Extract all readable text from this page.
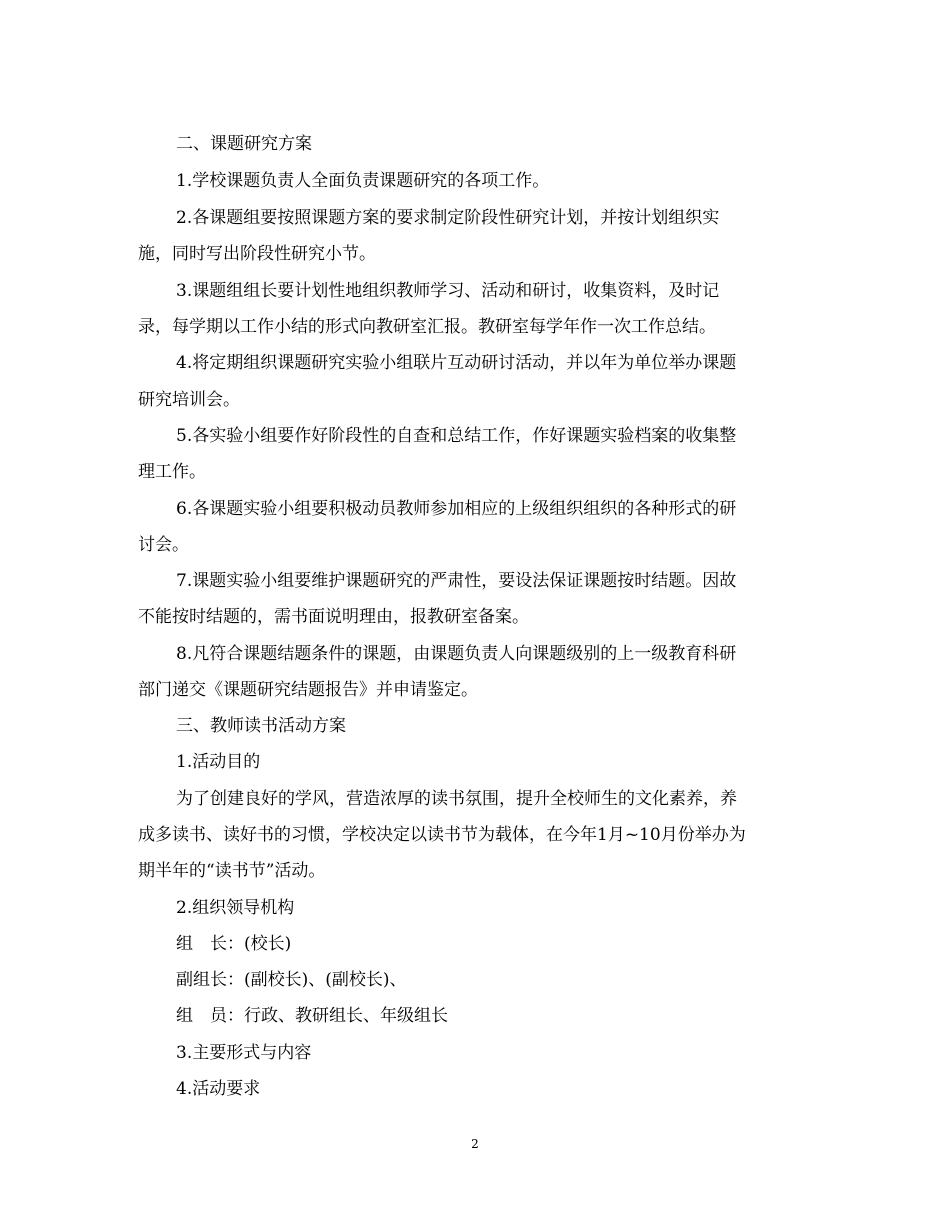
二、课题研究方案
1.学校课题负责人全面负责课题研究的各项工作。
2.各课题组要按照课题方案的要求制定阶段性研究计划，并按计划组织实
施，同时写出阶段性研究小节。
3.课题组组长要计划性地组织教师学习、活动和研讨，收集资料，及时记
录，每学期以工作小结的形式向教研室汇报。教研室每学年作一次工作总结。
4.将定期组织课题研究实验小组联片互动研讨活动，并以年为单位举办课题
研究培训会。
5.各实验小组要作好阶段性的自查和总结工作，作好课题实验档案的收集整
理工作。
6.各课题实验小组要积极动员教师参加相应的上级组织组织的各种形式的研
讨会。
7.课题实验小组要维护课题研究的严肃性，要设法保证课题按时结题。因故
不能按时结题的，需书面说明理由，报教研室备案。
8.凡符合课题结题条件的课题，由课题负责人向课题级别的上一级教育科研
部门递交《课题研究结题报告》并申请鉴定。
三、教师读书活动方案
1.活动目的
为了创建良好的学风，营造浓厚的读书氛围，提升全校师生的文化素养，养
成多读书、读好书的习惯，学校决定以读书节为载体，在今年1月~10月份举办为
期半年的“读书节”活动。
2.组织领导机构
组　长：(校长)
副组长：(副校长)、(副校长)、
组　员：行政、教研组长、年级组长
3.主要形式与内容
4.活动要求
2
